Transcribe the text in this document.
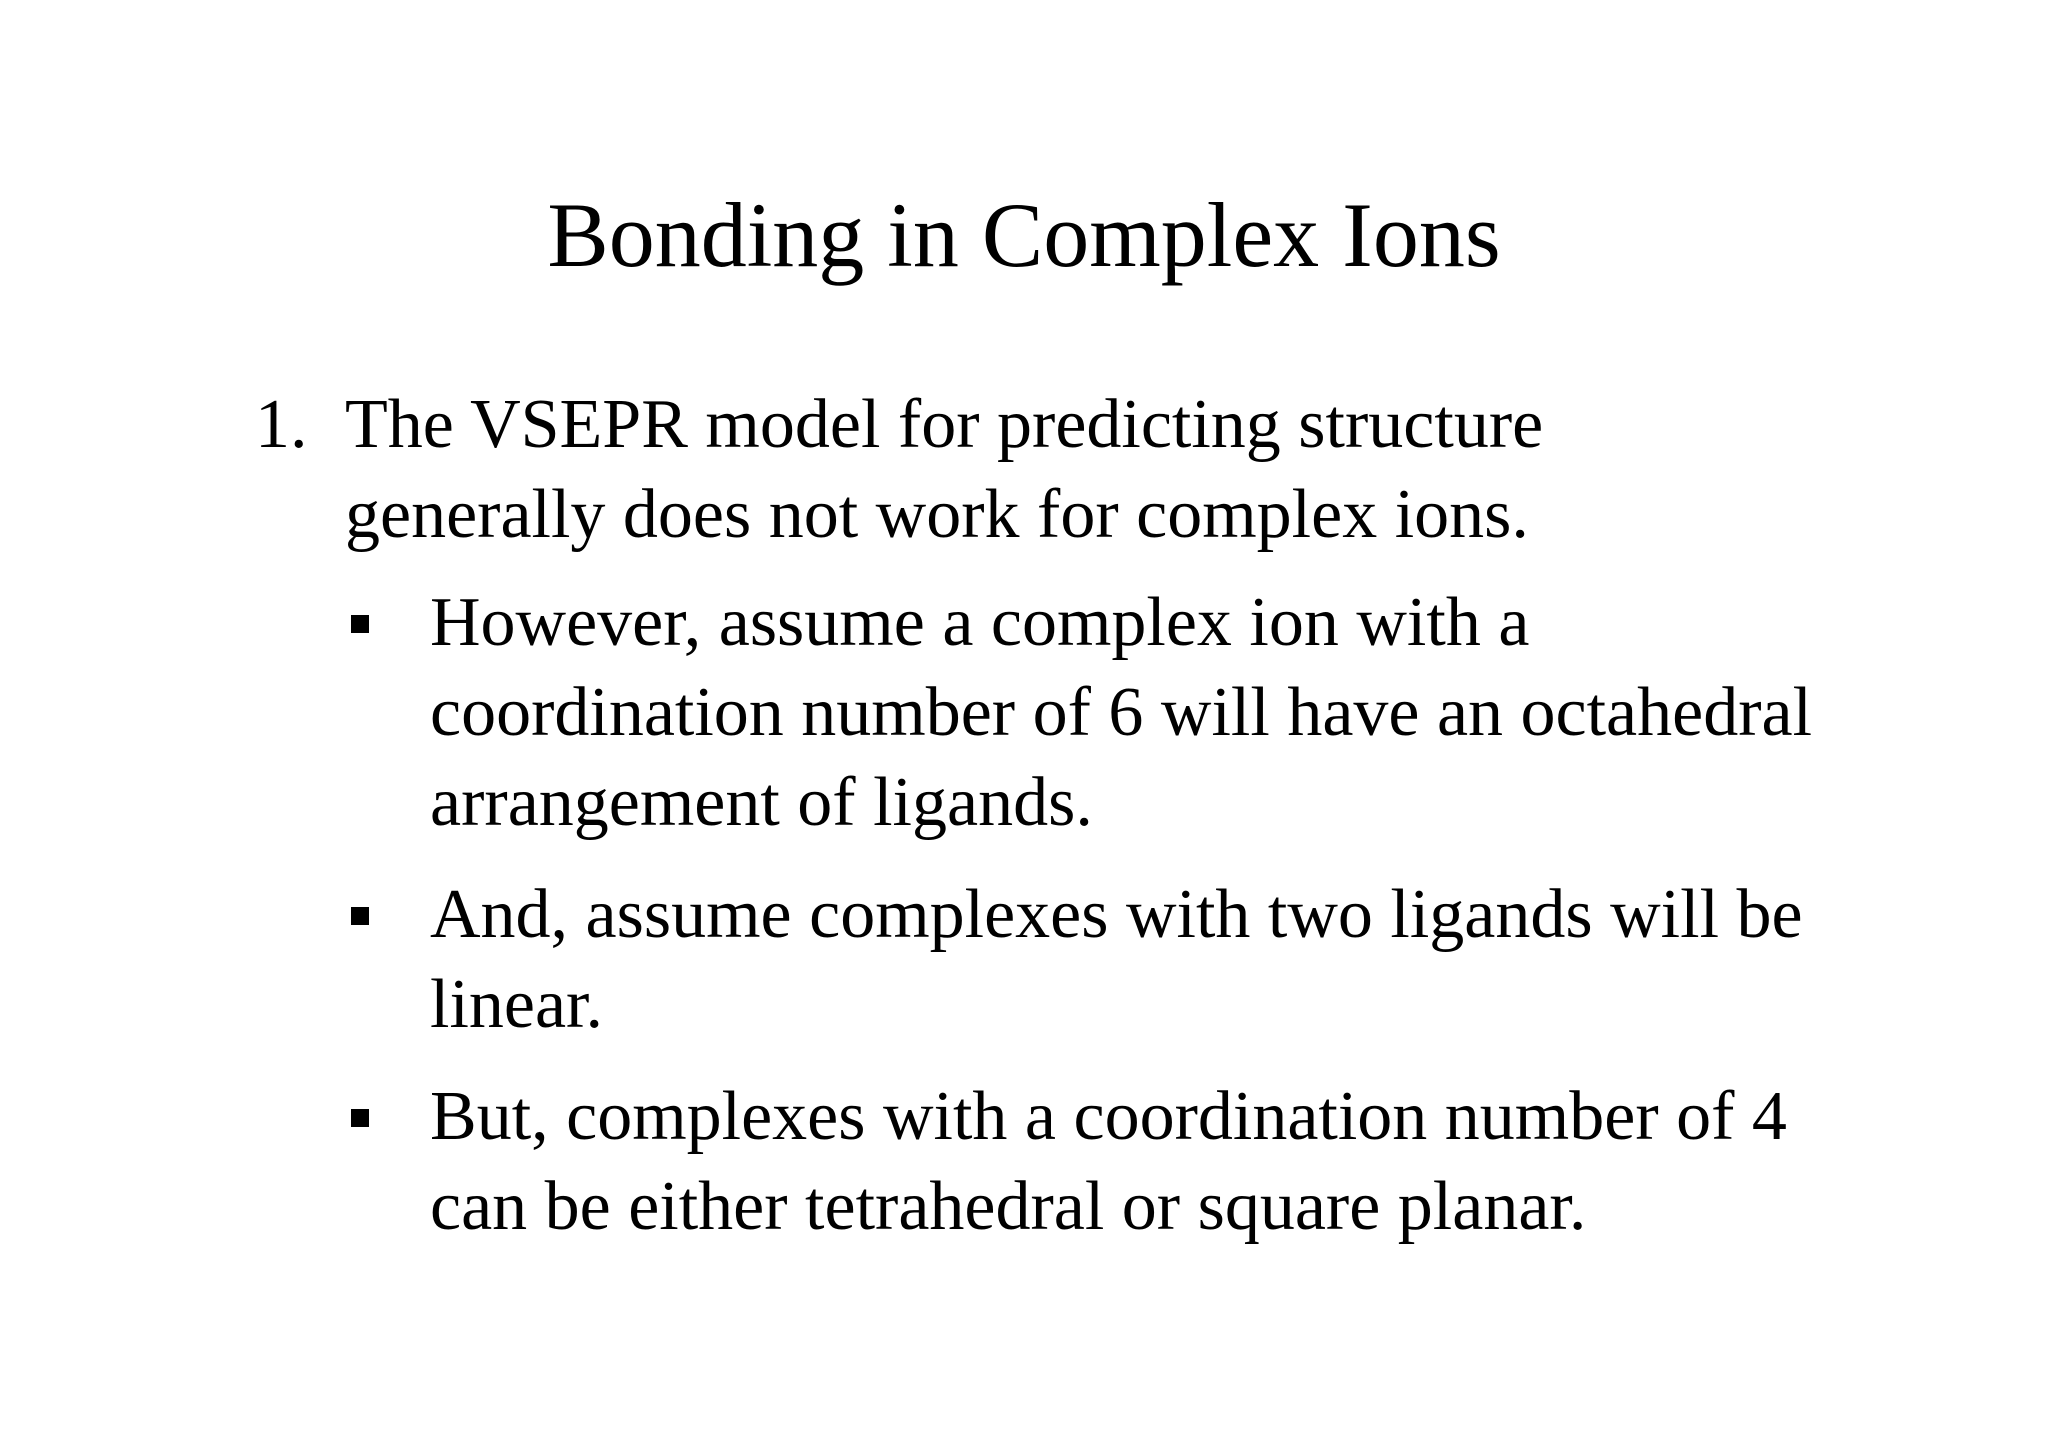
Bonding in Complex Ions
1. The VSEPR model for predicting structure generally does not work for complex ions.
However, assume a complex ion with a coordination number of 6 will have an octahedral arrangement of ligands.
And, assume complexes with two ligands will be linear.
But, complexes with a coordination number of 4 can be either tetrahedral or square planar.
